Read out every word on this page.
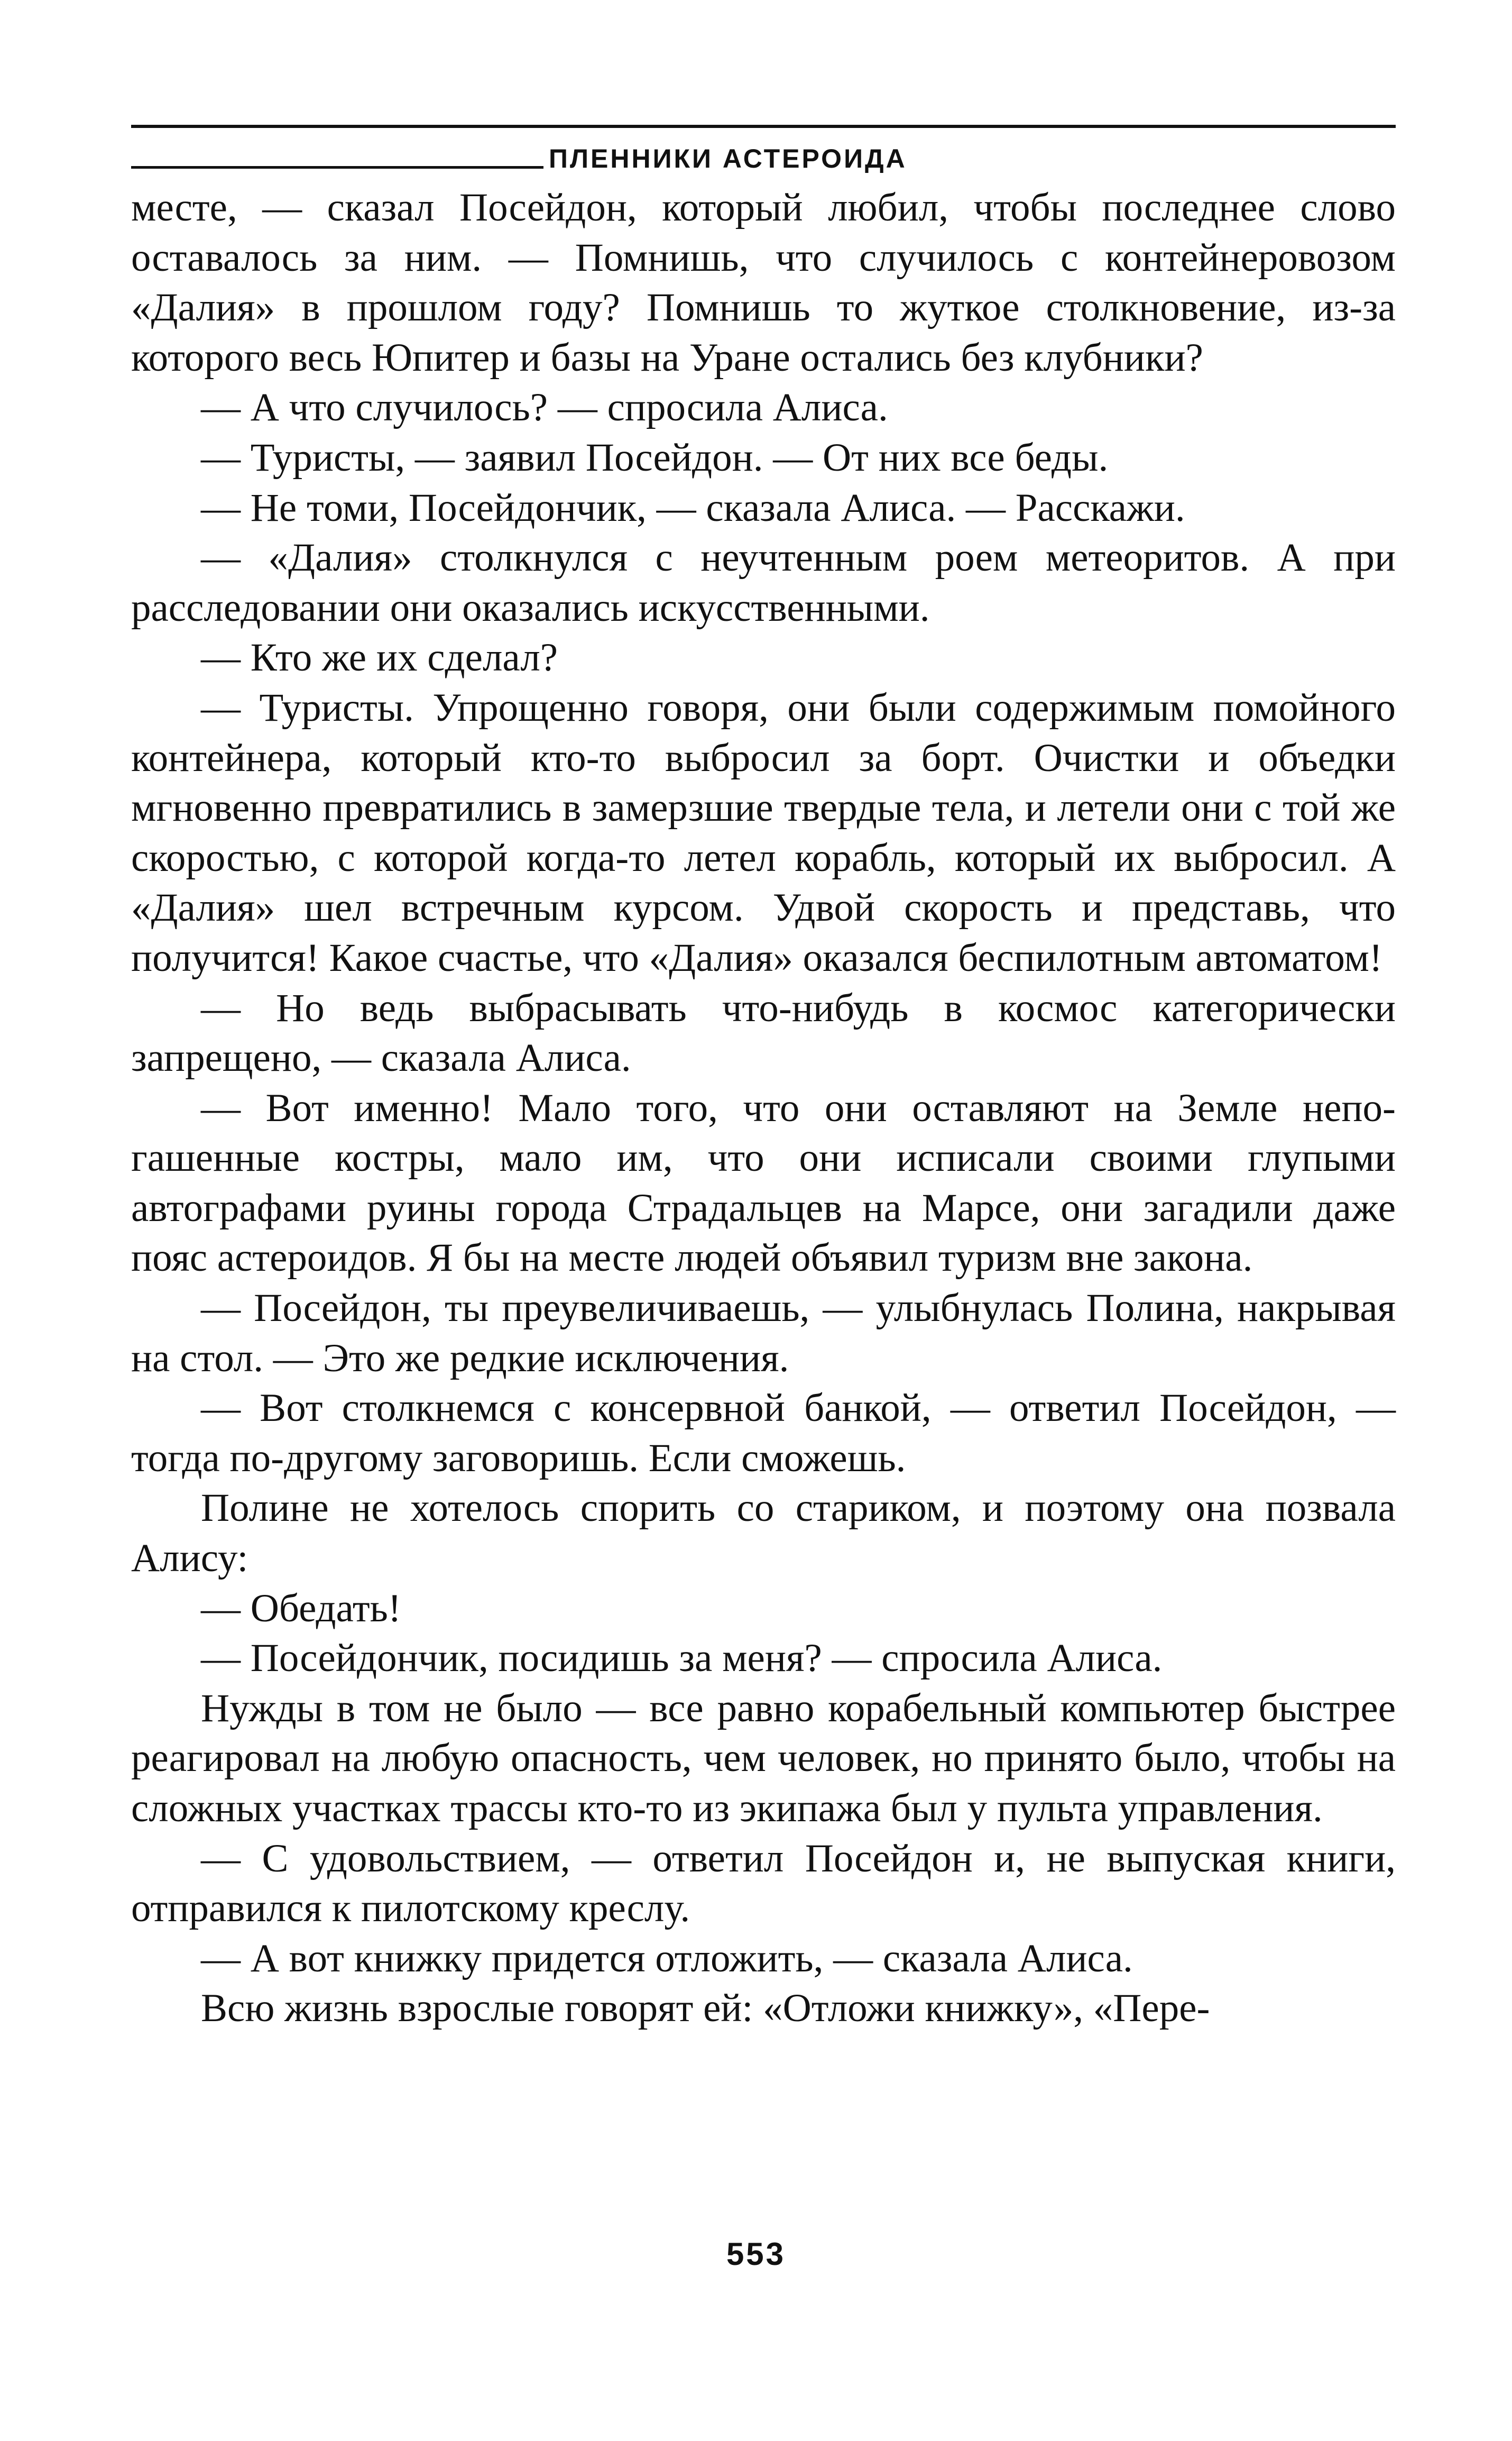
ПЛЕННИКИ АСТЕРОИДА

месте, — сказал Посейдон, который любил, чтобы последнее слово оставалось за ним. — Помнишь, что случилось с контейнеровозом «Далия» в прошлом году? Помнишь то жуткое столкновение, из-за которого весь Юпитер и базы на Уране остались без клубники?

— А что случилось? — спросила Алиса.

— Туристы, — заявил Посейдон. — От них все беды.

— Не томи, Посейдончик, — сказала Алиса. — Расскажи.

— «Далия» столкнулся с неучтенным роем метеоритов. А при расследовании они оказались искусственными.

— Кто же их сделал?

— Туристы. Упрощенно говоря, они были содержимым помойного контейнера, который кто-то выбросил за борт. Очистки и объедки мгновенно превратились в замерзшие твердые тела, и летели они с той же скоростью, с которой когда-то летел корабль, который их выбросил. А «Далия» шел встречным курсом. Удвой скорость и представь, что получится! Какое счастье, что «Далия» оказался беспилотным автоматом!

— Но ведь выбрасывать что-нибудь в космос категорически запрещено, — сказала Алиса.

— Вот именно! Мало того, что они оставляют на Земле непогашенные костры, мало им, что они исписали своими глупыми автографами руины города Страдальцев на Марсе, они загадили даже пояс астероидов. Я бы на месте людей объявил туризм вне закона.

— Посейдон, ты преувеличиваешь, — улыбнулась Полина, накрывая на стол. — Это же редкие исключения.

— Вот столкнемся с консервной банкой, — ответил Посейдон, — тогда по-другому заговоришь. Если сможешь.

Полине не хотелось спорить со стариком, и поэтому она позвала Алису:

— Обедать!

— Посейдончик, посидишь за меня? — спросила Алиса.

Нужды в том не было — все равно корабельный компьютер быстрее реагировал на любую опасность, чем человек, но принято было, чтобы на сложных участках трассы кто-то из экипажа был у пульта управления.

— С удовольствием, — ответил Посейдон и, не выпуская книги, отправился к пилотскому креслу.

— А вот книжку придется отложить, — сказала Алиса.

Всю жизнь взрослые говорят ей: «Отложи книжку», «Пере-

553
